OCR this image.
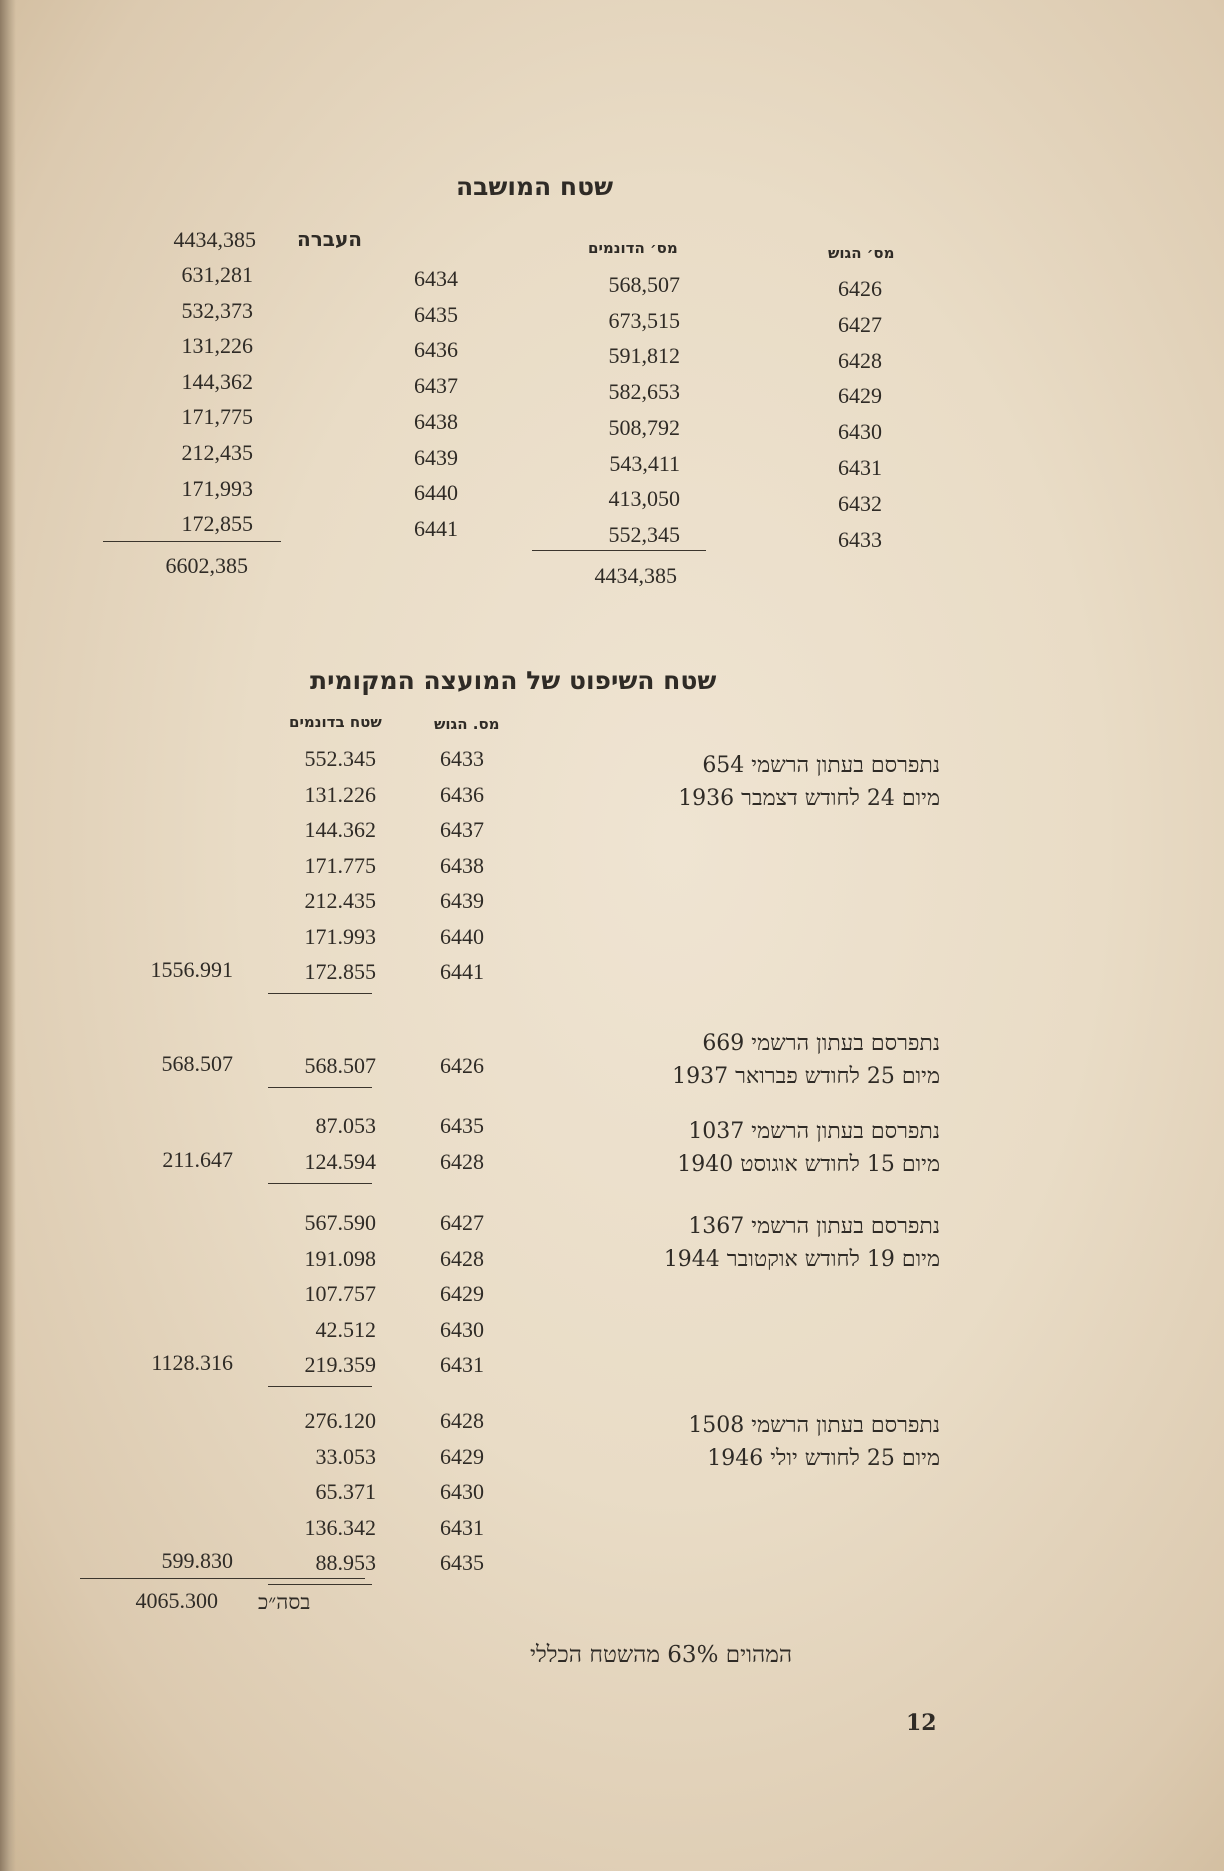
שטח המושבה
מס׳ הגוש
מס׳ הדונמים
העברה
4434,385
4434,385
6602,385
שטח השיפוט של המועצה המקומית
מס. הגוש
שטח בדונמים
בסה״כ
4065.300
המהוים 63% מהשטח הכללי
12
6426
6427
6428
6429
6430
6431
6432
6433
568,507
673,515
591,812
582,653
508,792
543,411
413,050
552,345
6434
6435
6436
6437
6438
6439
6440
6441
631,281
532,373
131,226
144,362
171,775
212,435
171,993
172,855
6433
552.345
6436
131.226
6437
144.362
6438
171.775
6439
212.435
6440
171.993
6441
172.855
1556.991
נתפרסם בעתון הרשמי 654
מיום 24 לחודש דצמבר 1936
6426
568.507
568.507
נתפרסם בעתון הרשמי 669
מיום 25 לחודש פברואר 1937
6435
87.053
6428
124.594
211.647
נתפרסם בעתון הרשמי 1037
מיום 15 לחודש אוגוסט 1940
6427
567.590
6428
191.098
6429
107.757
6430
42.512
6431
219.359
1128.316
נתפרסם בעתון הרשמי 1367
מיום 19 לחודש אוקטובר 1944
6428
276.120
6429
33.053
6430
65.371
6431
136.342
6435
88.953
599.830
נתפרסם בעתון הרשמי 1508
מיום 25 לחודש יולי 1946
